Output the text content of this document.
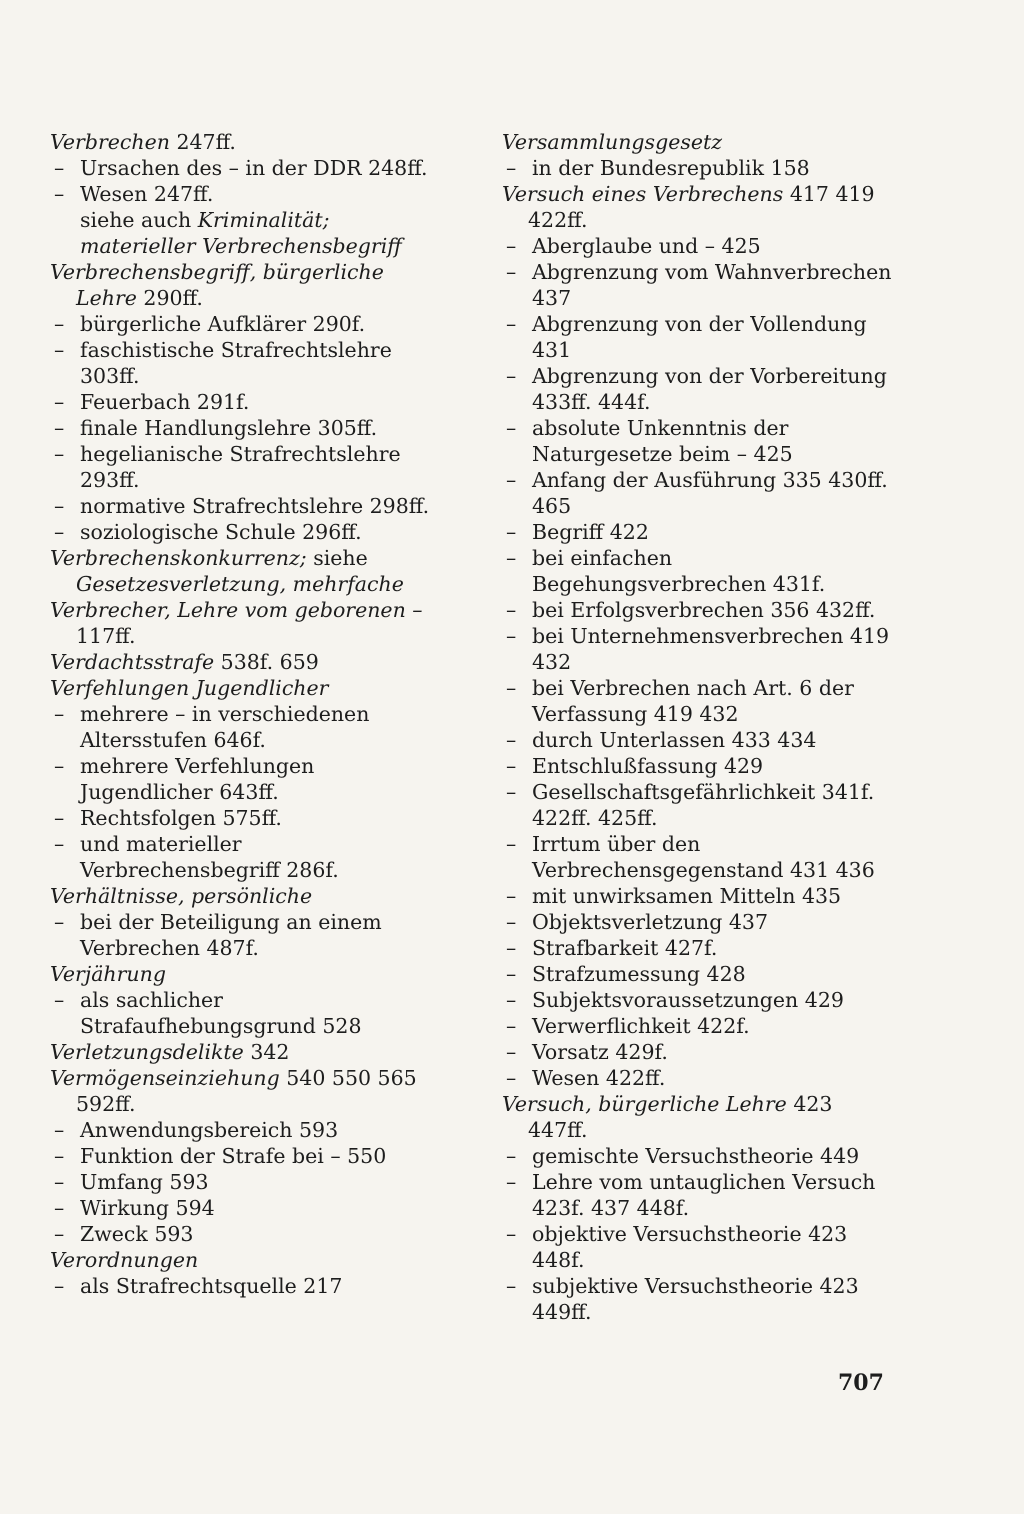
Verbrechen 247ff.

– Ursachen des – in der DDR 248ff.

– Wesen 247ff.

siehe auch Kriminalität; materieller Verbrechensbegriff

Verbrechensbegriff, bürgerliche Lehre 290ff.

– bürgerliche Aufklärer 290f.

– faschistische Strafrechtslehre 303ff.

– Feuerbach 291f.

– finale Handlungslehre 305ff.

– hegelianische Strafrechtslehre 293ff.

– normative Strafrechtslehre 298ff.

– soziologische Schule 296ff.

Verbrechenskonkurrenz; siehe Gesetzesverletzung, mehrfache

Verbrecher, Lehre vom geborenen – 117ff.

Verdachtsstrafe 538f. 659

Verfehlungen Jugendlicher

– mehrere – in verschiedenen Altersstufen 646f.

– mehrere Verfehlungen Jugendlicher 643ff.

– Rechtsfolgen 575ff.

– und materieller Verbrechensbegriff 286f.

Verhältnisse, persönliche

– bei der Beteiligung an einem Verbrechen 487f.

Verjährung

– als sachlicher Strafaufhebungsgrund 528

Verletzungsdelikte 342

Vermögenseinziehung 540 550 565 592ff.

– Anwendungsbereich 593

– Funktion der Strafe bei – 550

– Umfang 593

– Wirkung 594

– Zweck 593

Verordnungen

– als Strafrechtsquelle 217

Versammlungsgesetz

– in der Bundesrepublik 158

Versuch eines Verbrechens 417 419 422ff.

– Aberglaube und – 425

– Abgrenzung vom Wahnverbrechen 437

– Abgrenzung von der Vollendung 431

– Abgrenzung von der Vorbereitung 433ff. 444f.

– absolute Unkenntnis der Naturgesetze beim – 425

– Anfang der Ausführung 335 430ff. 465

– Begriff 422

– bei einfachen Begehungsverbrechen 431f.

– bei Erfolgsverbrechen 356 432ff.

– bei Unternehmensverbrechen 419 432

– bei Verbrechen nach Art. 6 der Verfassung 419 432

– durch Unterlassen 433 434

– Entschlußfassung 429

– Gesellschaftsgefährlichkeit 341f. 422ff. 425ff.

– Irrtum über den Verbrechensgegenstand 431 436

– mit unwirksamen Mitteln 435

– Objektsverletzung 437

– Strafbarkeit 427f.

– Strafzumessung 428

– Subjektsvoraussetzungen 429

– Verwerflichkeit 422f.

– Vorsatz 429f.

– Wesen 422ff.

Versuch, bürgerliche Lehre 423 447ff.

– gemischte Versuchstheorie 449

– Lehre vom untauglichen Versuch 423f. 437 448f.

– objektive Versuchstheorie 423 448f.

– subjektive Versuchstheorie 423 449ff.

707
